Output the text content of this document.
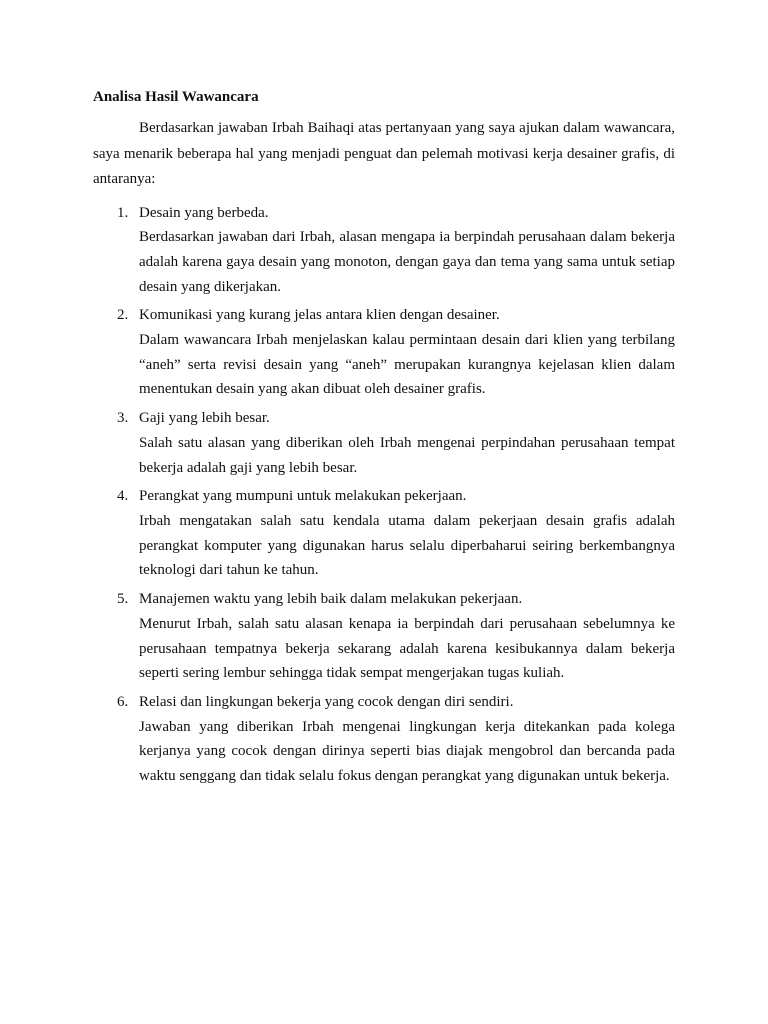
Analisa Hasil Wawancara

Berdasarkan jawaban Irbah Baihaqi atas pertanyaan yang saya ajukan dalam wawancara, saya menarik beberapa hal yang menjadi penguat dan pelemah motivasi kerja desainer grafis, di antaranya:

1. Desain yang berbeda.

Berdasarkan jawaban dari Irbah, alasan mengapa ia berpindah perusahaan dalam bekerja adalah karena gaya desain yang monoton, dengan gaya dan tema yang sama untuk setiap desain yang dikerjakan.

2. Komunikasi yang kurang jelas antara klien dengan desainer.

Dalam wawancara Irbah menjelaskan kalau permintaan desain dari klien yang terbilang “aneh” serta revisi desain yang “aneh” merupakan kurangnya kejelasan klien dalam menentukan desain yang akan dibuat oleh desainer grafis.

3. Gaji yang lebih besar.

Salah satu alasan yang diberikan oleh Irbah mengenai perpindahan perusahaan tempat bekerja adalah gaji yang lebih besar.

4. Perangkat yang mumpuni untuk melakukan pekerjaan.

Irbah mengatakan salah satu kendala utama dalam pekerjaan desain grafis adalah perangkat komputer yang digunakan harus selalu diperbaharui seiring berkembangnya teknologi dari tahun ke tahun.

5. Manajemen waktu yang lebih baik dalam melakukan pekerjaan.

Menurut Irbah, salah satu alasan kenapa ia berpindah dari perusahaan sebelumnya ke perusahaan tempatnya bekerja sekarang adalah karena kesibukannya dalam bekerja seperti sering lembur sehingga tidak sempat mengerjakan tugas kuliah.

6. Relasi dan lingkungan bekerja yang cocok dengan diri sendiri.

Jawaban yang diberikan Irbah mengenai lingkungan kerja ditekankan pada kolega kerjanya yang cocok dengan dirinya seperti bias diajak mengobrol dan bercanda pada waktu senggang dan tidak selalu fokus dengan perangkat yang digunakan untuk bekerja.
